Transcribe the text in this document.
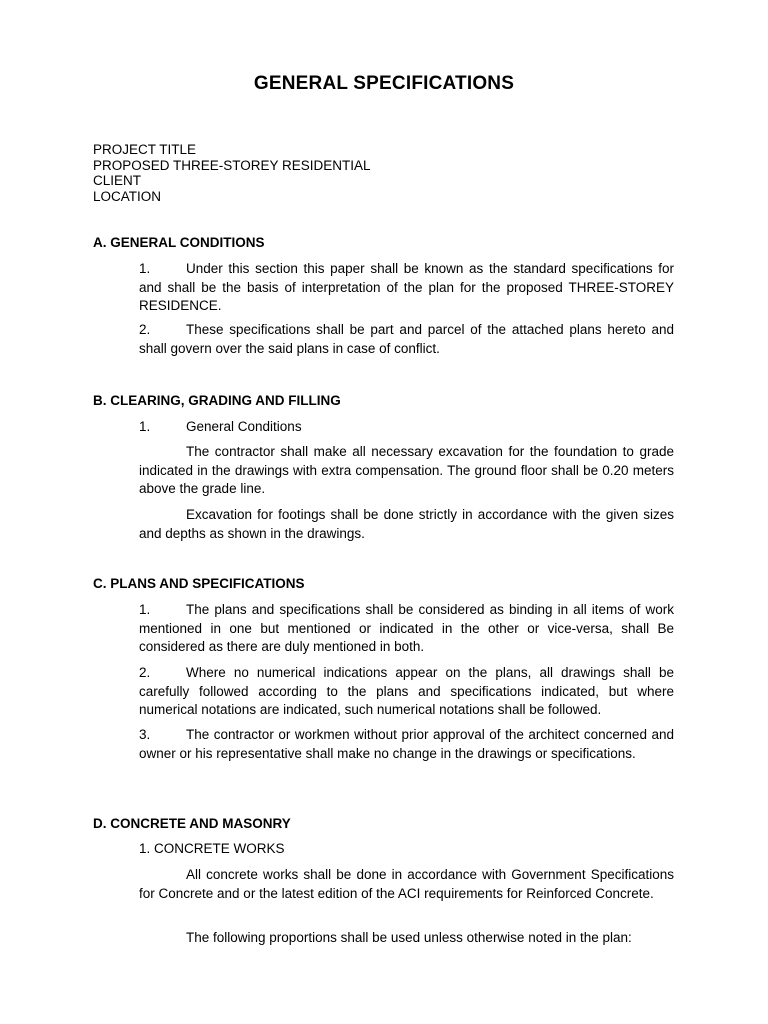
GENERAL SPECIFICATIONS
PROJECT TITLE
PROPOSED THREE-STOREY RESIDENTIAL
CLIENT
LOCATION
A. GENERAL CONDITIONS
1.	Under this section this paper shall be known as the standard specifications for and shall be the basis of interpretation of the plan for the proposed THREE-STOREY RESIDENCE.
2.	These specifications shall be part and parcel of the attached plans hereto and shall govern over the said plans in case of conflict.
B. CLEARING, GRADING AND FILLING
1.	General Conditions
The contractor shall make all necessary excavation for the foundation to grade indicated in the drawings with extra compensation. The ground floor shall be 0.20 meters above the grade line.
Excavation for footings shall be done strictly in accordance with the given sizes and depths as shown in the drawings.
C. PLANS AND SPECIFICATIONS
1.	The plans and specifications shall be considered as binding in all items of work mentioned in one but mentioned or indicated in the other or vice-versa, shall Be considered as there are duly mentioned in both.
2.	Where no numerical indications appear on the plans, all drawings shall be carefully followed according to the plans and specifications indicated, but where numerical notations are indicated, such numerical notations shall be followed.
3.	The contractor or workmen without prior approval of the architect concerned and owner or his representative shall make no change in the drawings or specifications.
D. CONCRETE AND MASONRY
1. CONCRETE WORKS
All concrete works shall be done in accordance with Government Specifications for Concrete and or the latest edition of the ACI requirements for Reinforced Concrete.
The following proportions shall be used unless otherwise noted in the plan:
